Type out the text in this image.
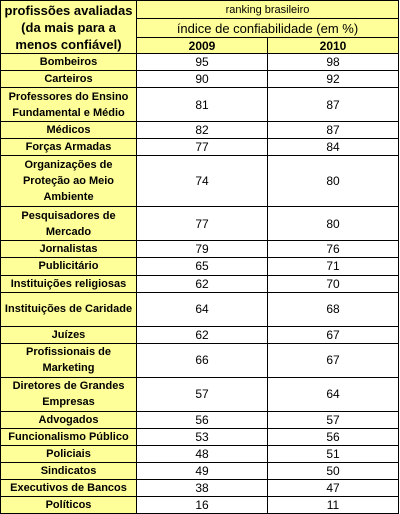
profissões avaliadas (da mais para a menos confiável)	ranking brasileiro	
	índice de confiabilidade (em %)	
	2009	2010
Bombeiros	95	98
Carteiros	90	92
Professores do Ensino Fundamental e Médio	81	87
Médicos	82	87
Forças Armadas	77	84
Organizações de Proteção ao Meio Ambiente	74	80
Pesquisadores de Mercado	77	80
Jornalistas	79	76
Publicitário	65	71
Instituições religiosas	62	70
Instituições de Caridade	64	68
Juízes	62	67
Profissionais de Marketing	66	67
Diretores de Grandes Empresas	57	64
Advogados	56	57
Funcionalismo Público	53	56
Policiais	48	51
Sindicatos	49	50
Executivos de Bancos	38	47
Políticos	16	11
